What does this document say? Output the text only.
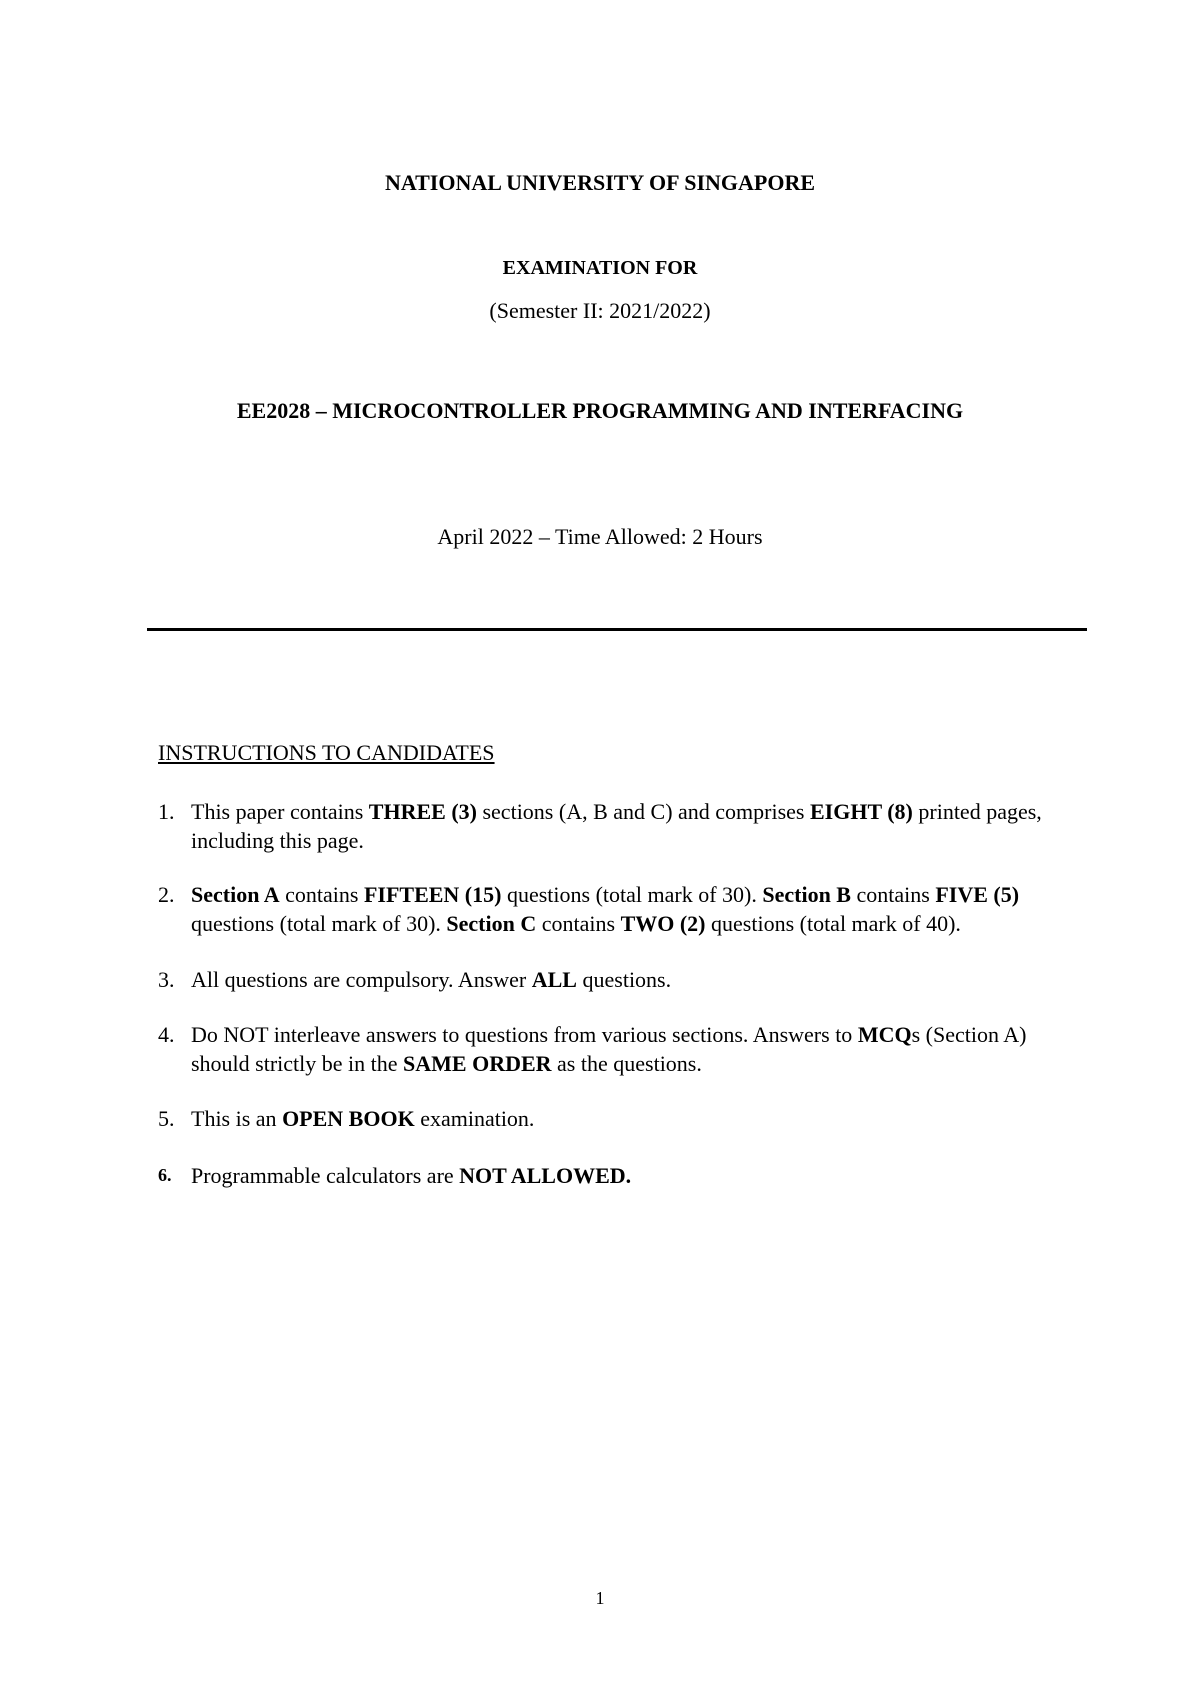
NATIONAL UNIVERSITY OF SINGAPORE
EXAMINATION FOR
(Semester II: 2021/2022)
EE2028 – MICROCONTROLLER PROGRAMMING AND INTERFACING
April 2022 – Time Allowed: 2 Hours
INSTRUCTIONS TO CANDIDATES
1. This paper contains THREE (3) sections (A, B and C) and comprises EIGHT (8) printed pages, including this page.
2. Section A contains FIFTEEN (15) questions (total mark of 30). Section B contains FIVE (5) questions (total mark of 30). Section C contains TWO (2) questions (total mark of 40).
3. All questions are compulsory. Answer ALL questions.
4. Do NOT interleave answers to questions from various sections. Answers to MCQs (Section A) should strictly be in the SAME ORDER as the questions.
5. This is an OPEN BOOK examination.
6. Programmable calculators are NOT ALLOWED.
1
